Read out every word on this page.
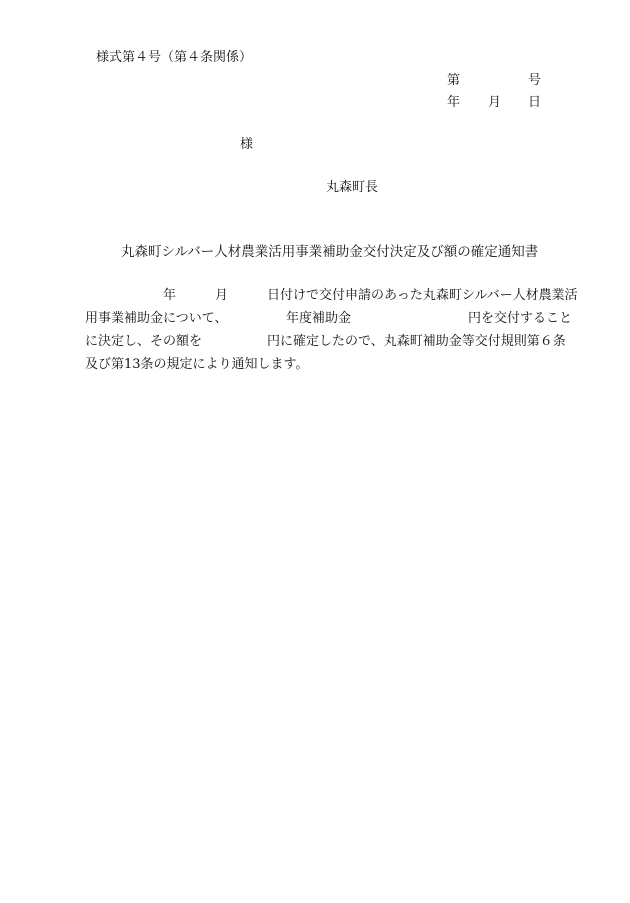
様式第４号（第４条関係）
第	号
年 月 日
様
丸森町長
丸森町シルバー人材農業活用事業補助金交付決定及び額の確定通知書
　　　　　　年　　　月　　　日付けで交付申請のあった丸森町シルバー人材農業活
用事業補助金について、　　　　　年度補助金　　　　　　　　　円を交付すること
に決定し、その額を　　　　　円に確定したので、丸森町補助金等交付規則第６条
及び第13条の規定により通知します。
